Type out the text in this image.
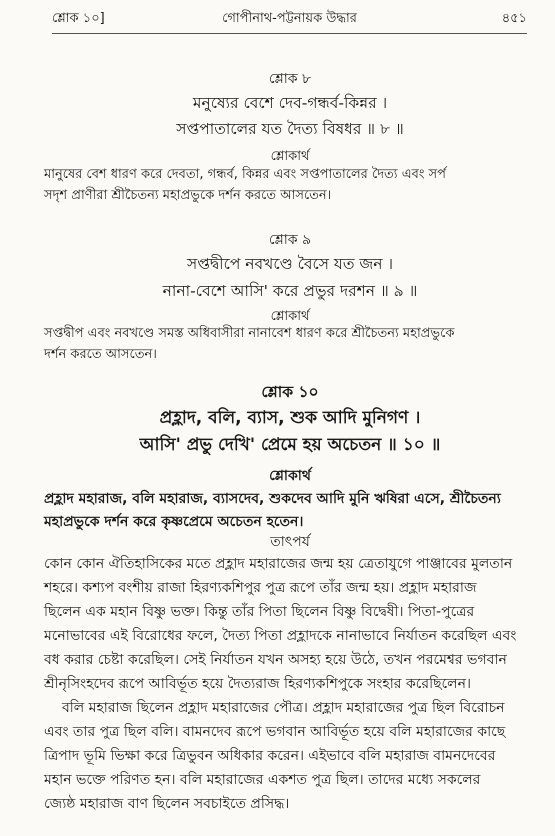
শ্লোক ১০]	গোপীনাথ-পট্টনায়ক উদ্ধার	৪৫১
শ্লোক ৮
মনুষ্যের বেশে দেব-গন্ধর্ব-কিন্নর ।
সপ্তপাতালের যত দৈত্য বিষধর ॥ ৮ ॥
শ্লোকার্থ
মানুষের বেশ ধারণ করে দেবতা, গন্ধর্ব, কিন্নর এবং সপ্তপাতালের দৈত্য এবং সর্প
সদৃশ প্রাণীরা শ্রীচৈতন্য মহাপ্রভুকে দর্শন করতে আসতেন।
শ্লোক ৯
সপ্তদ্বীপে নবখণ্ডে বৈসে যত জন ।
নানা-বেশে আসি' করে প্রভুর দরশন ॥ ৯ ॥
শ্লোকার্থ
সপ্তদ্বীপ এবং নবখণ্ডে সমস্ত অধিবাসীরা নানাবেশ ধারণ করে শ্রীচৈতন্য মহাপ্রভুকে
দর্শন করতে আসতেন।
শ্লোক ১০
প্রহ্লাদ, বলি, ব্যাস, শুক আদি মুনিগণ ।
আসি' প্রভু দেখি' প্রেমে হয় অচেতন ॥ ১০ ॥
শ্লোকার্থ
প্রহ্লাদ মহারাজ, বলি মহারাজ, ব্যাসদেব, শুকদেব আদি মুনি ঋষিরা এসে, শ্রীচৈতন্য
মহাপ্রভুকে দর্শন করে কৃষ্ণপ্রেমে অচেতন হতেন।
তাৎপর্য
কোন কোন ঐতিহাসিকের মতে প্রহ্লাদ মহারাজের জন্ম হয় ত্রেতাযুগে পাঞ্জাবের মুলতান
শহরে। কশ্যপ বংশীয় রাজা হিরণ্যকশিপুর পুত্র রূপে তাঁর জন্ম হয়। প্রহ্লাদ মহারাজ
ছিলেন এক মহান বিষ্ণু ভক্ত। কিন্তু তাঁর পিতা ছিলেন বিষ্ণু বিদ্বেষী। পিতা-পুত্রের
মনোভাবের এই বিরোধের ফলে, দৈত্য পিতা প্রহ্লাদকে নানাভাবে নির্যাতন করেছিল এবং
বধ করার চেষ্টা করেছিল। সেই নির্যাতন যখন অসহ্য হয়ে উঠে, তখন পরমেশ্বর ভগবান
শ্রীনৃসিংহদেব রূপে আবির্ভূত হয়ে দৈত্যরাজ হিরণ্যকশিপুকে সংহার করেছিলেন।
বলি মহারাজ ছিলেন প্রহ্লাদ মহারাজের পৌত্র। প্রহ্লাদ মহারাজের পুত্র ছিল বিরোচন
এবং তার পুত্র ছিল বলি। বামনদেব রূপে ভগবান আবির্ভূত হয়ে বলি মহারাজের কাছে
ত্রিপাদ ভূমি ভিক্ষা করে ত্রিভুবন অধিকার করেন। এইভাবে বলি মহারাজ বামনদেবের
মহান ভক্তে পরিণত হন। বলি মহারাজের একশত পুত্র ছিল। তাদের মধ্যে সকলের
জ্যেষ্ঠ মহারাজ বাণ ছিলেন সবচাইতে প্রসিদ্ধ।
